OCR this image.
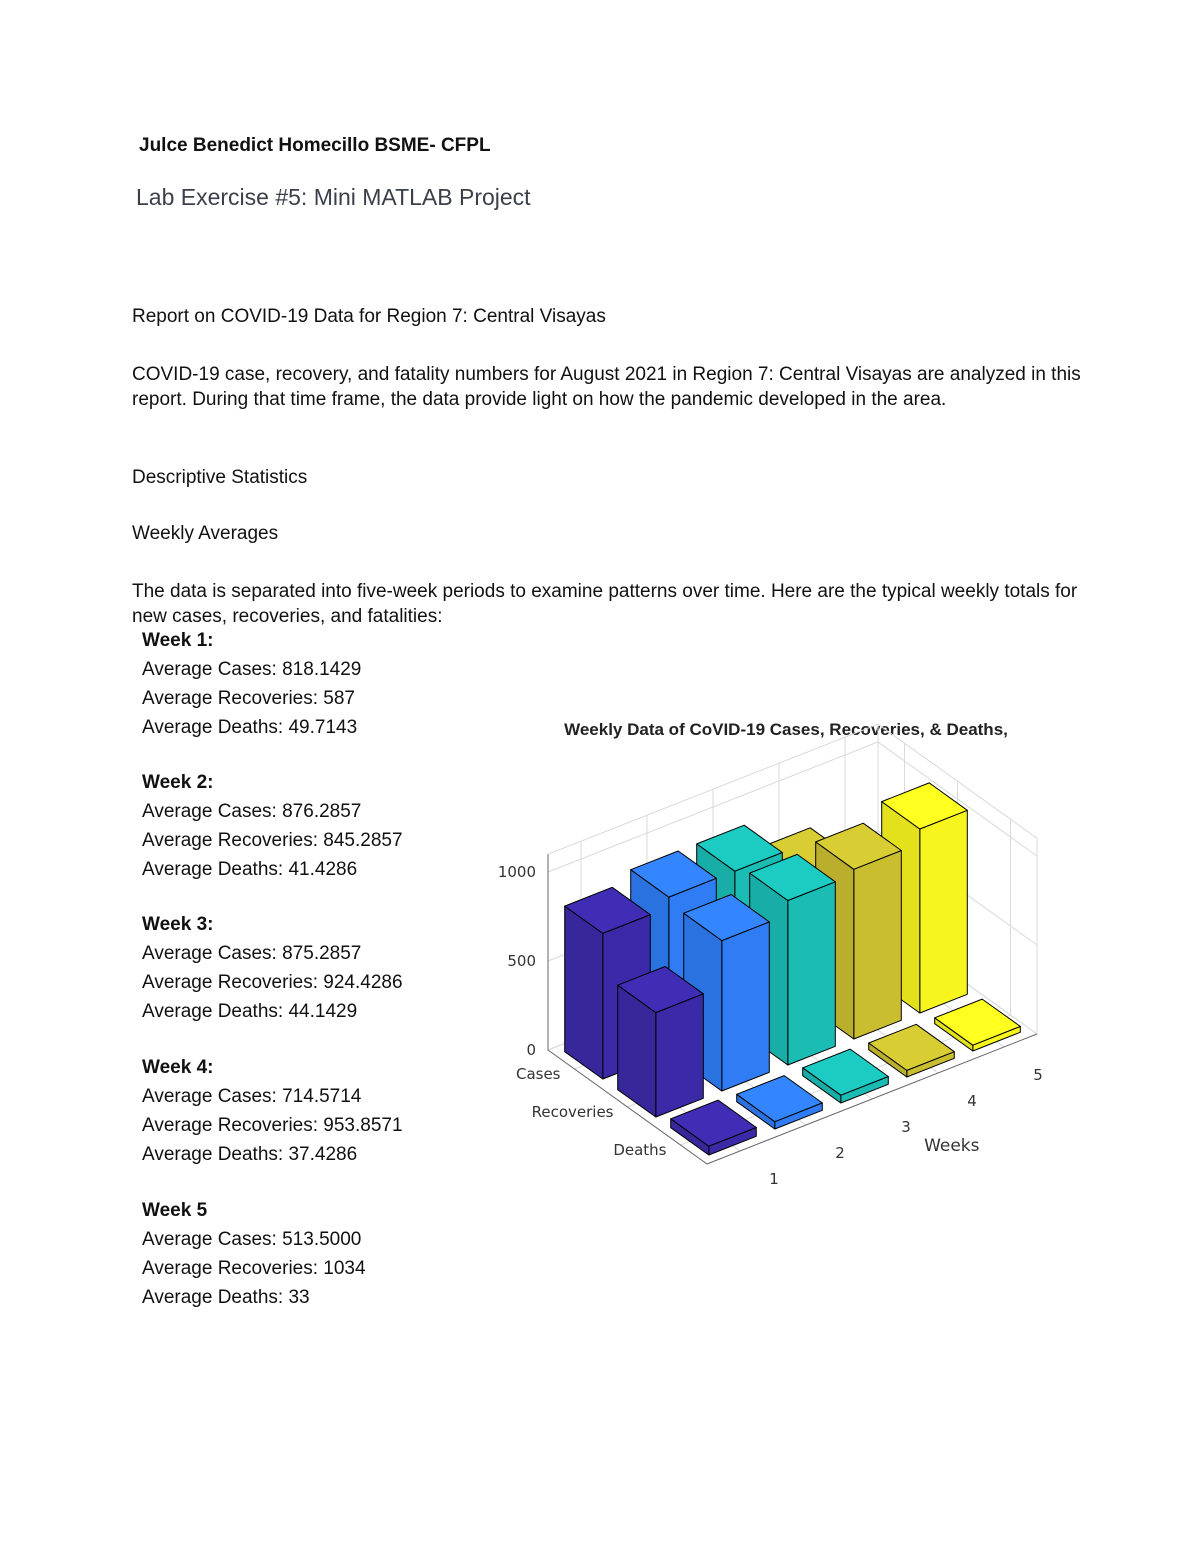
Julce Benedict Homecillo BSME- CFPL
Lab Exercise #5: Mini MATLAB Project
Report on COVID-19 Data for Region 7: Central Visayas
COVID-19 case, recovery, and fatality numbers for August 2021 in Region 7: Central Visayas are analyzed in this report. During that time frame, the data provide light on how the pandemic developed in the area.
Descriptive Statistics
Weekly Averages
The data is separated into five-week periods to examine patterns over time. Here are the typical weekly totals for new cases, recoveries, and fatalities:
Week 1:
Average Cases: 818.1429
Average Recoveries: 587
Average Deaths: 49.7143
Week 2:
Average Cases: 876.2857
Average Recoveries: 845.2857
Average Deaths: 41.4286
Week 3:
Average Cases: 875.2857
Average Recoveries: 924.4286
Average Deaths: 44.1429
Week 4:
Average Cases: 714.5714
Average Recoveries: 953.8571
Average Deaths: 37.4286
Week 5
Average Cases: 513.5000
Average Recoveries: 1034
Average Deaths: 33
Weekly Data of CoVID-19 Cases, Recoveries, & Deaths,
0
500
1000
1
2
3
4
5
Cases
Recoveries
Deaths	Weeks
